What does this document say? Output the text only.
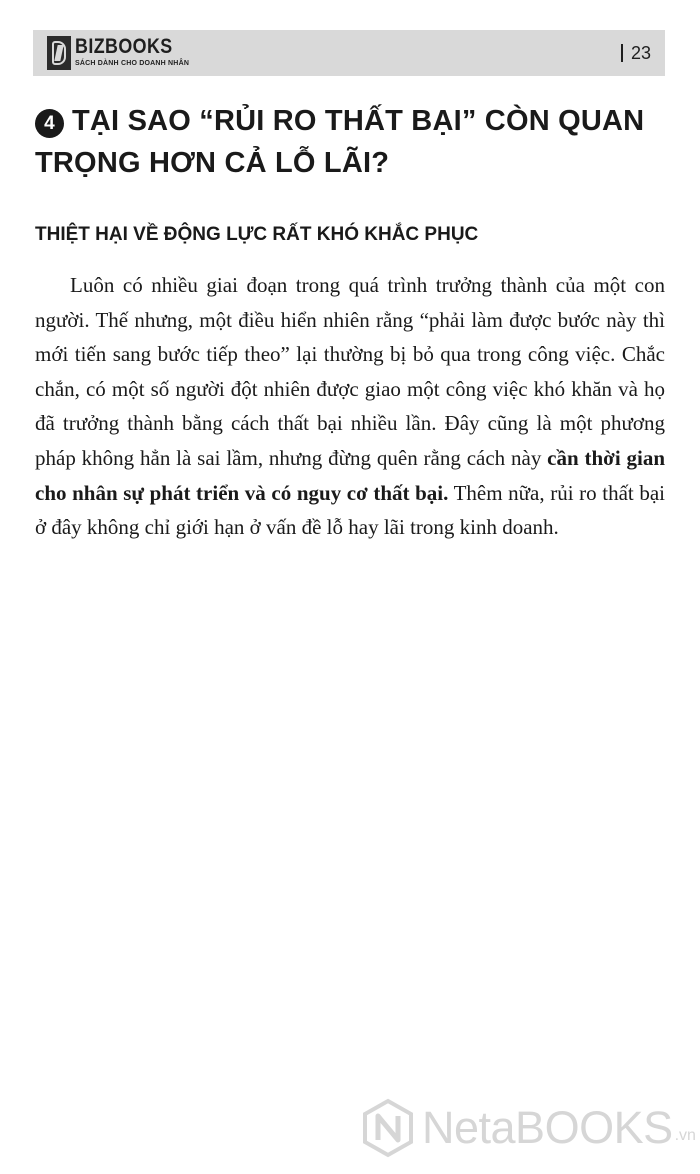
BIZBOOKS
SÁCH DÀNH CHO DOANH NHÂN
23
4 TẠI SAO “RỦI RO THẤT BẠI” CÒN QUAN TRỌNG HƠN CẢ LỖ LÃI?
THIỆT HẠI VỀ ĐỘNG LỰC RẤT KHÓ KHẮC PHỤC

Luôn có nhiều giai đoạn trong quá trình trưởng thành của một con người. Thế nhưng, một điều hiển nhiên rằng “phải làm được bước này thì mới tiến sang bước tiếp theo” lại thường bị bỏ qua trong công việc. Chắc chắn, có một số người đột nhiên được giao một công việc khó khăn và họ đã trưởng thành bằng cách thất bại nhiều lần. Đây cũng là một phương pháp không hẳn là sai lầm, nhưng đừng quên rằng cách này cần thời gian cho nhân sự phát triển và có nguy cơ thất bại. Thêm nữa, rủi ro thất bại ở đây không chỉ giới hạn ở vấn đề lỗ hay lãi trong kinh doanh.

NetaBOOKS .vn
